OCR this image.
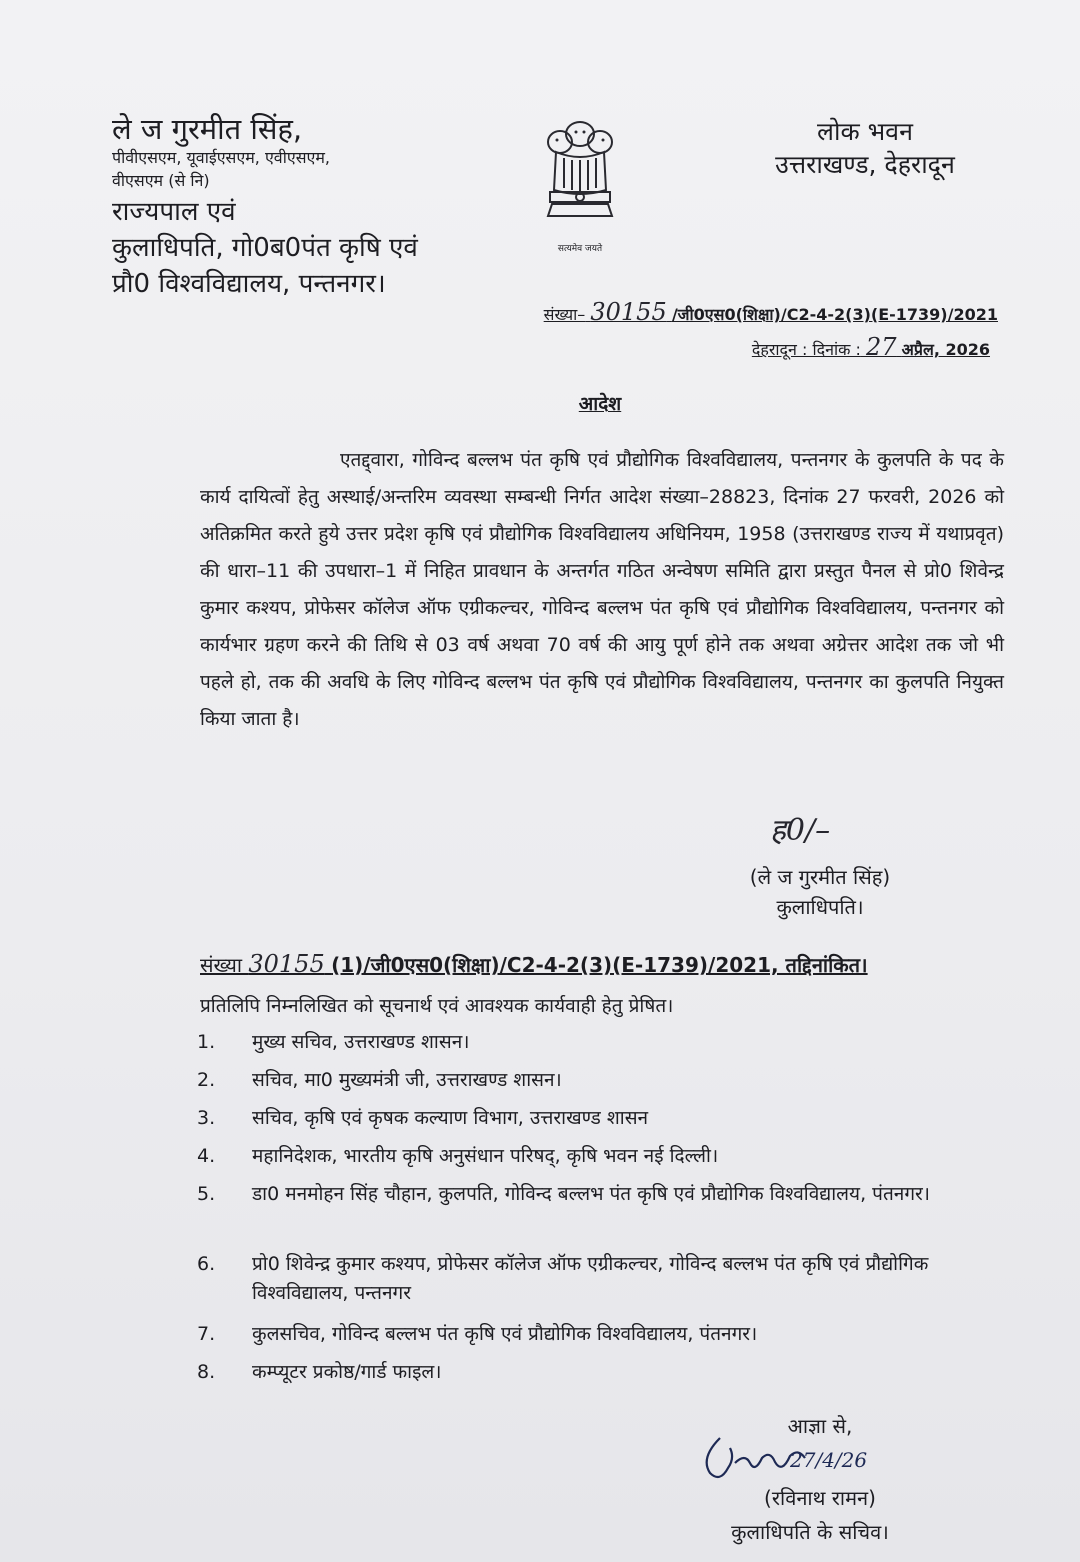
ले ज गुरमीत सिंह,
पीवीएसएम, यूवाईएसएम, एवीएसएम,
वीएसएम (से नि)
राज्यपाल एवं
कुलाधिपति, गो0ब0पंत कृषि एवं
प्रौ0 विश्वविद्यालय, पन्तनगर।
सत्यमेव जयते
लोक भवन
उत्तराखण्ड, देहरादून
संख्या– 30155 /जी0एस0(शिक्षा)/C2-4-2(3)(E-1739)/2021
देहरादून : दिनांक : 27 अप्रैल, 2026
आदेश

एतद्द्वारा, गोविन्द बल्लभ पंत कृषि एवं प्रौद्योगिक विश्वविद्यालय, पन्तनगर के कुलपति के पद के कार्य दायित्वों हेतु अस्थाई/अन्तरिम व्यवस्था सम्बन्धी निर्गत आदेश संख्या–28823, दिनांक 27 फरवरी, 2026 को अतिक्रमित करते हुये उत्तर प्रदेश कृषि एवं प्रौद्योगिक विश्वविद्यालय अधिनियम, 1958 (उत्तराखण्ड राज्य में यथाप्रवृत) की धारा–11 की उपधारा–1 में निहित प्रावधान के अन्तर्गत गठित अन्वेषण समिति द्वारा प्रस्तुत पैनल से प्रो0 शिवेन्द्र कुमार कश्यप, प्रोफेसर कॉलेज ऑफ एग्रीकल्चर, गोविन्द बल्लभ पंत कृषि एवं प्रौद्योगिक विश्वविद्यालय, पन्तनगर को कार्यभार ग्रहण करने की तिथि से 03 वर्ष अथवा 70 वर्ष की आयु पूर्ण होने तक अथवा अग्रेत्तर आदेश तक जो भी पहले हो, तक की अवधि के लिए गोविन्द बल्लभ पंत कृषि एवं प्रौद्योगिक विश्वविद्यालय, पन्तनगर का कुलपति नियुक्त किया जाता है।

ह0/–
(ले ज गुरमीत सिंह)
कुलाधिपति।
संख्या 30155 (1)/जी0एस0(शिक्षा)/C2-4-2(3)(E-1739)/2021, तद्दिनांकित।
प्रतिलिपि निम्नलिखित को सूचनार्थ एवं आवश्यक कार्यवाही हेतु प्रेषित।
1.	मुख्य सचिव, उत्तराखण्ड शासन।
2.	सचिव, मा0 मुख्यमंत्री जी, उत्तराखण्ड शासन।
3.	सचिव, कृषि एवं कृषक कल्याण विभाग, उत्तराखण्ड शासन
4.	महानिदेशक, भारतीय कृषि अनुसंधान परिषद्, कृषि भवन नई दिल्ली।
5.	डा0 मनमोहन सिंह चौहान, कुलपति, गोविन्द बल्लभ पंत कृषि एवं प्रौद्योगिक विश्वविद्यालय, पंतनगर।
6.	प्रो0 शिवेन्द्र कुमार कश्यप, प्रोफेसर कॉलेज ऑफ एग्रीकल्चर, गोविन्द बल्लभ पंत कृषि एवं प्रौद्योगिक विश्वविद्यालय, पन्तनगर
7.	कुलसचिव, गोविन्द बल्लभ पंत कृषि एवं प्रौद्योगिक विश्वविद्यालय, पंतनगर।
8.	कम्प्यूटर प्रकोष्ठ/गार्ड फाइल।
आज्ञा से,
27/4/26
(रविनाथ रामन)
कुलाधिपति के सचिव।
